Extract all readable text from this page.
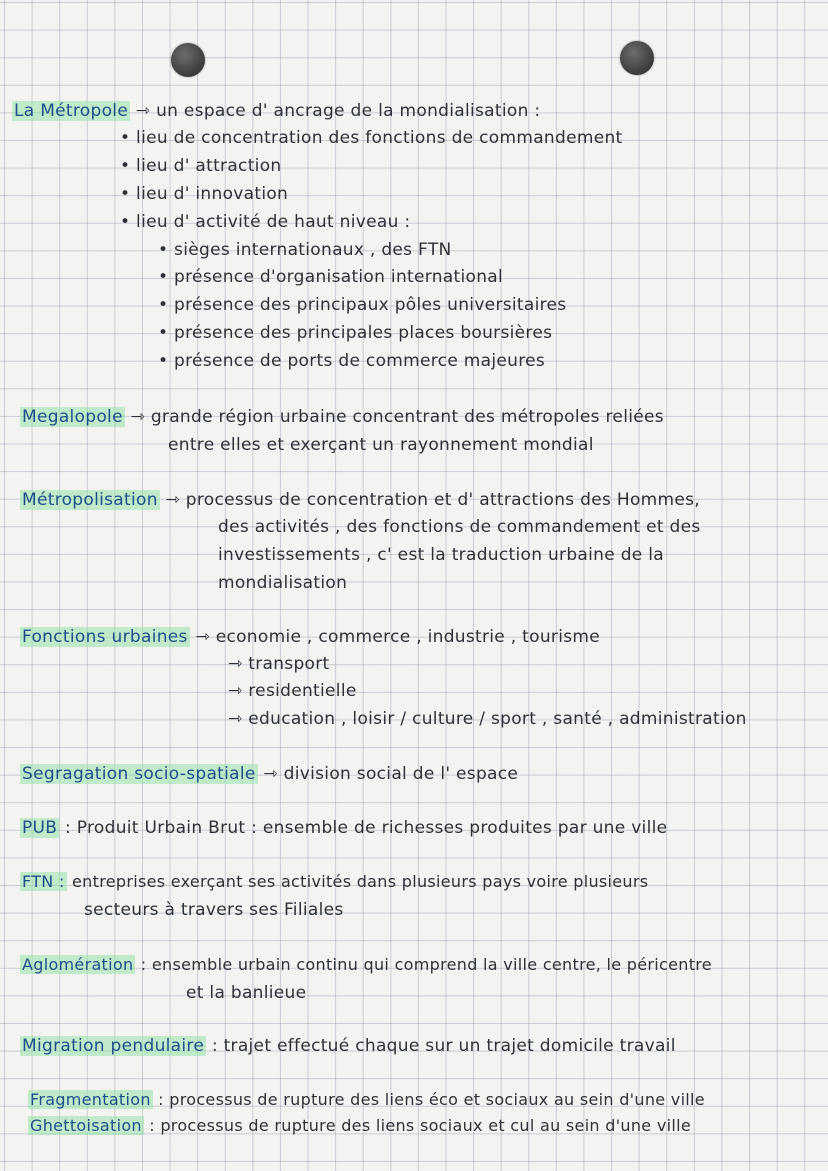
La Métropole ⇾ un espace d' ancrage de la mondialisation :
• lieu de concentration des fonctions de commandement
• lieu d' attraction
• lieu d' innovation
• lieu d' activité de haut niveau :
• sièges internationaux , des FTN
• présence d'organisation international
• présence des principaux pôles universitaires
• présence des principales places boursières
• présence de ports de commerce majeures
Megalopole ⇾ grande région urbaine concentrant des métropoles reliées
entre elles et exerçant un rayonnement mondial
Métropolisation ⇾ processus de concentration et d' attractions des Hommes,
des activités , des fonctions de commandement et des
investissements , c' est la traduction urbaine de la
mondialisation
Fonctions urbaines ⇾ economie , commerce , industrie , tourisme
⇾ transport
⇾ residentielle
⇾ education , loisir / culture / sport , santé , administration
Segragation socio-spatiale ⇾ division social de l' espace
PUB : Produit Urbain Brut : ensemble de richesses produites par une ville
FTN : entreprises exerçant ses activités dans plusieurs pays voire plusieurs
secteurs à travers ses Filiales
Aglomération : ensemble urbain continu qui comprend la ville centre, le péricentre
et la banlieue
Migration pendulaire : trajet effectué chaque sur un trajet domicile travail
Fragmentation : processus de rupture des liens éco et sociaux au sein d'une ville
Ghettoisation : processus de rupture des liens sociaux et cul au sein d'une ville
